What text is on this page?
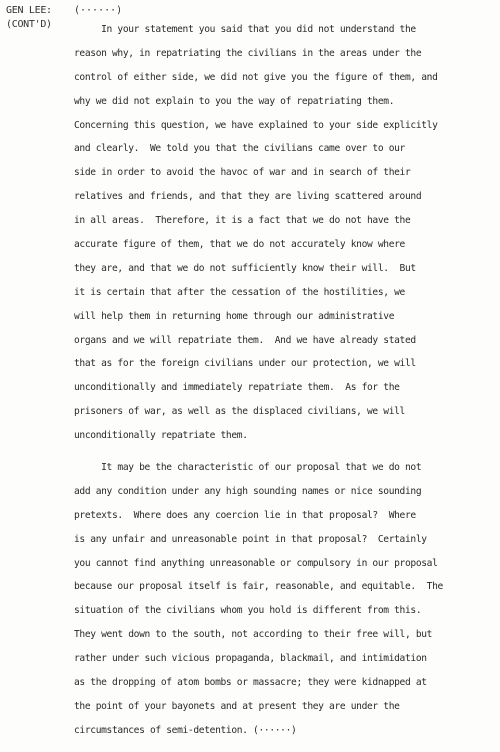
GEN LEE:
(CONT'D)
(······)
In your statement you said that you did not understand the
reason why, in repatriating the civilians in the areas under the
control of either side, we did not give you the figure of them, and
why we did not explain to you the way of repatriating them.
Concerning this question, we have explained to your side explicitly
and clearly.  We told you that the civilians came over to our
side in order to avoid the havoc of war and in search of their
relatives and friends, and that they are living scattered around
in all areas.  Therefore, it is a fact that we do not have the
accurate figure of them, that we do not accurately know where
they are, and that we do not sufficiently know their will.  But
it is certain that after the cessation of the hostilities, we
will help them in returning home through our administrative
organs and we will repatriate them.  And we have already stated
that as for the foreign civilians under our protection, we will
unconditionally and immediately repatriate them.  As for the
prisoners of war, as well as the displaced civilians, we will
unconditionally repatriate them.
It may be the characteristic of our proposal that we do not
add any condition under any high sounding names or nice sounding
pretexts.  Where does any coercion lie in that proposal?  Where
is any unfair and unreasonable point in that proposal?  Certainly
you cannot find anything unreasonable or compulsory in our proposal
because our proposal itself is fair, reasonable, and equitable.  The
situation of the civilians whom you hold is different from this.
They went down to the south, not according to their free will, but
rather under such vicious propaganda, blackmail, and intimidation
as the dropping of atom bombs or massacre; they were kidnapped at
the point of your bayonets and at present they are under the
circumstances of semi-detention. (······)
